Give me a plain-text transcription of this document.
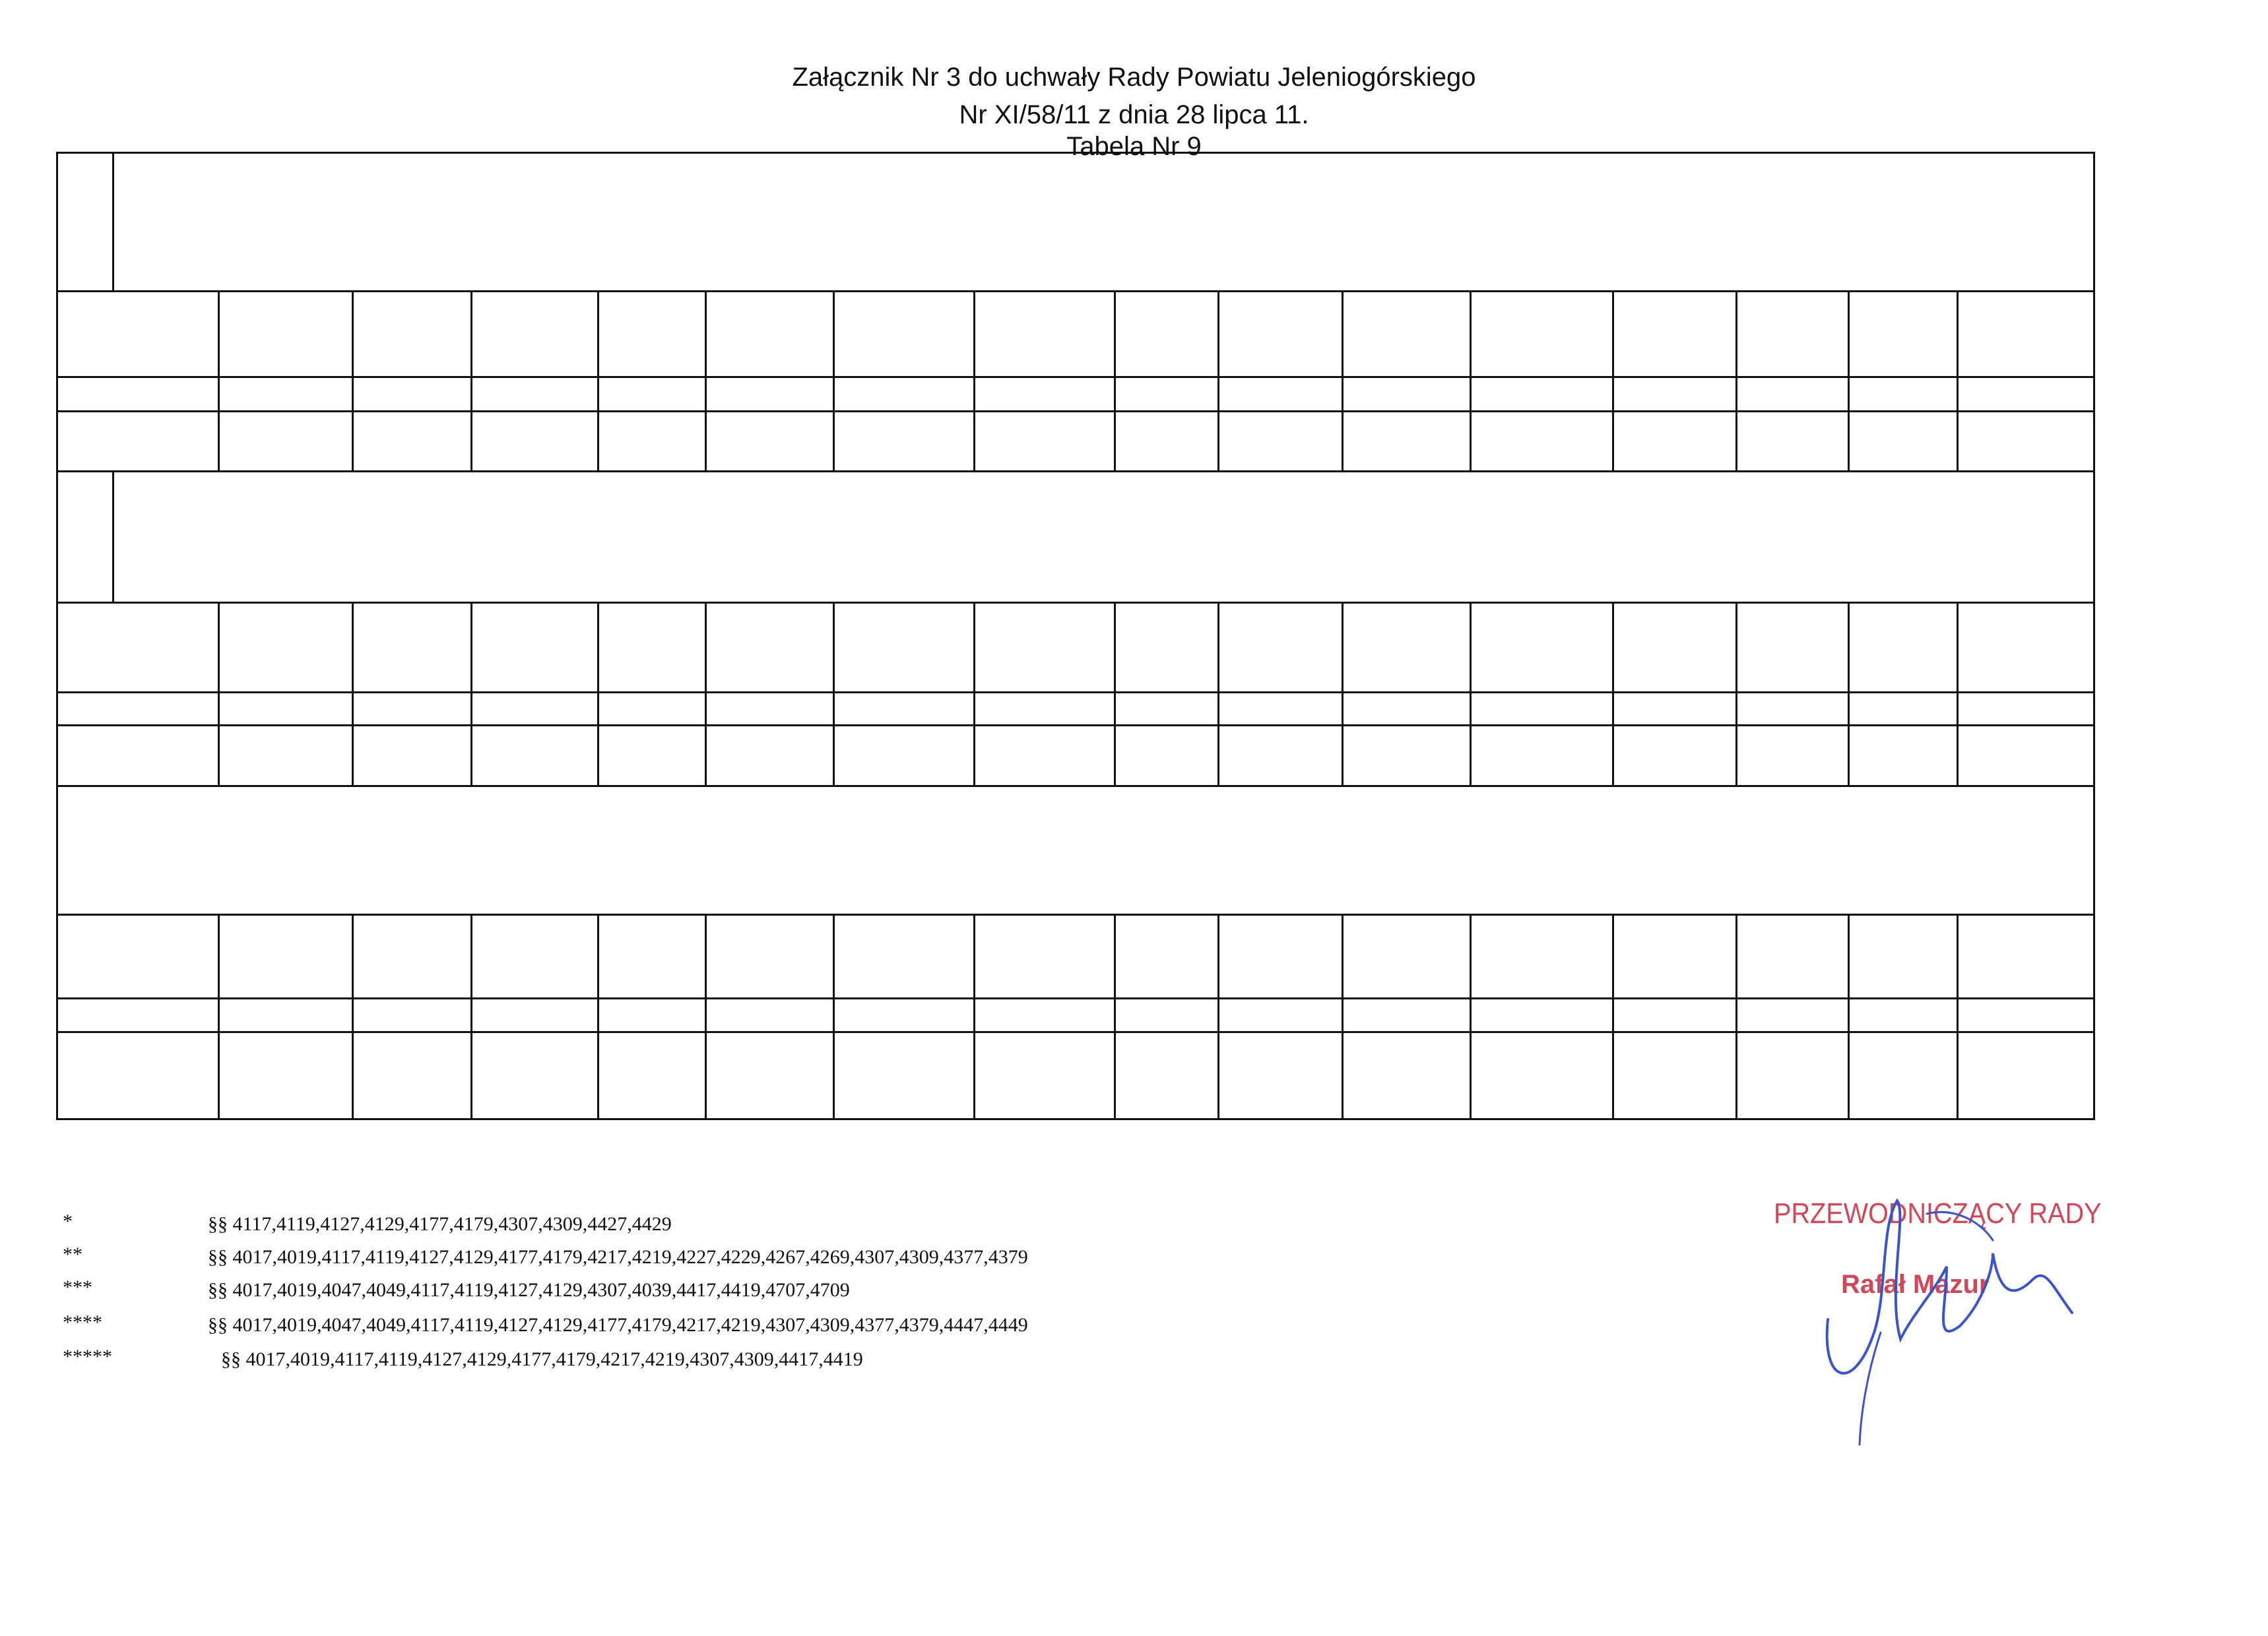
Załącznik Nr 3 do uchwały Rady Powiatu Jeleniogórskiego
Nr XI/58/11 z dnia 28 lipca 11.
Tabela Nr 9
*	§§ 4117,4119,4127,4129,4177,4179,4307,4309,4427,4429
**	§§ 4017,4019,4117,4119,4127,4129,4177,4179,4217,4219,4227,4229,4267,4269,4307,4309,4377,4379
***	§§ 4017,4019,4047,4049,4117,4119,4127,4129,4307,4039,4417,4419,4707,4709
****	§§ 4017,4019,4047,4049,4117,4119,4127,4129,4177,4179,4217,4219,4307,4309,4377,4379,4447,4449
*****	§§ 4017,4019,4117,4119,4127,4129,4177,4179,4217,4219,4307,4309,4417,4419
PRZEWODNICZĄCY RADY
Rafał Mazur
